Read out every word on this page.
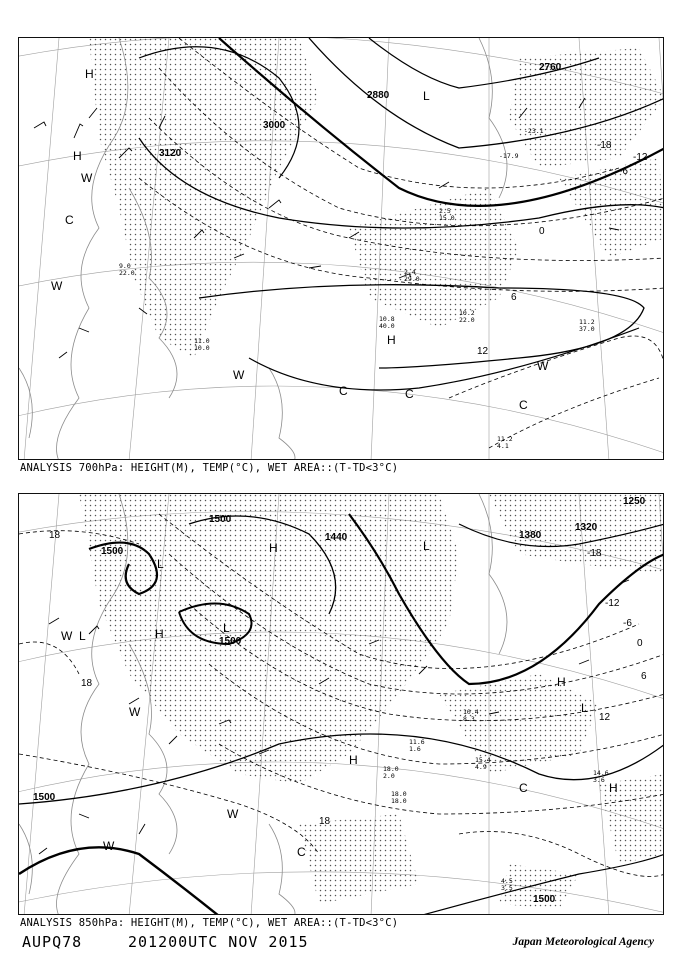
9.0
22.0
11.0
10.0
10.8
40.0
2.4
29.0
10.2
22.0	11.2
37.0
11.2
4.1
-23.1
-17.9
2.5
15.0
3120
3000
2880
2760
-18
-12
-6
0
6
12
H
H
H
L
C
C	C
C
W
W
W
W
ANALYSIS 700hPa: HEIGHT(M), TEMP(°C), WET AREA::(T-TD<3°C)
18.0
2.0	14.6
3.6
11.6
1.6
15.4
4.9
18.0
18.0
10.4
8.3
4.5
3.5
1500
1500
1500
1500
1500
1440	1380
1320
1250
-18
-12
-6
0
6
12
18
18
18
H
H
H
H
H
L
L
L
L
L
W
W
W
W	C
C
ANALYSIS 850hPa: HEIGHT(M), TEMP(°C), WET AREA::(T-TD<3°C)
AUPQ78	201200UTC NOV 2015	Japan Meteorological Agency
